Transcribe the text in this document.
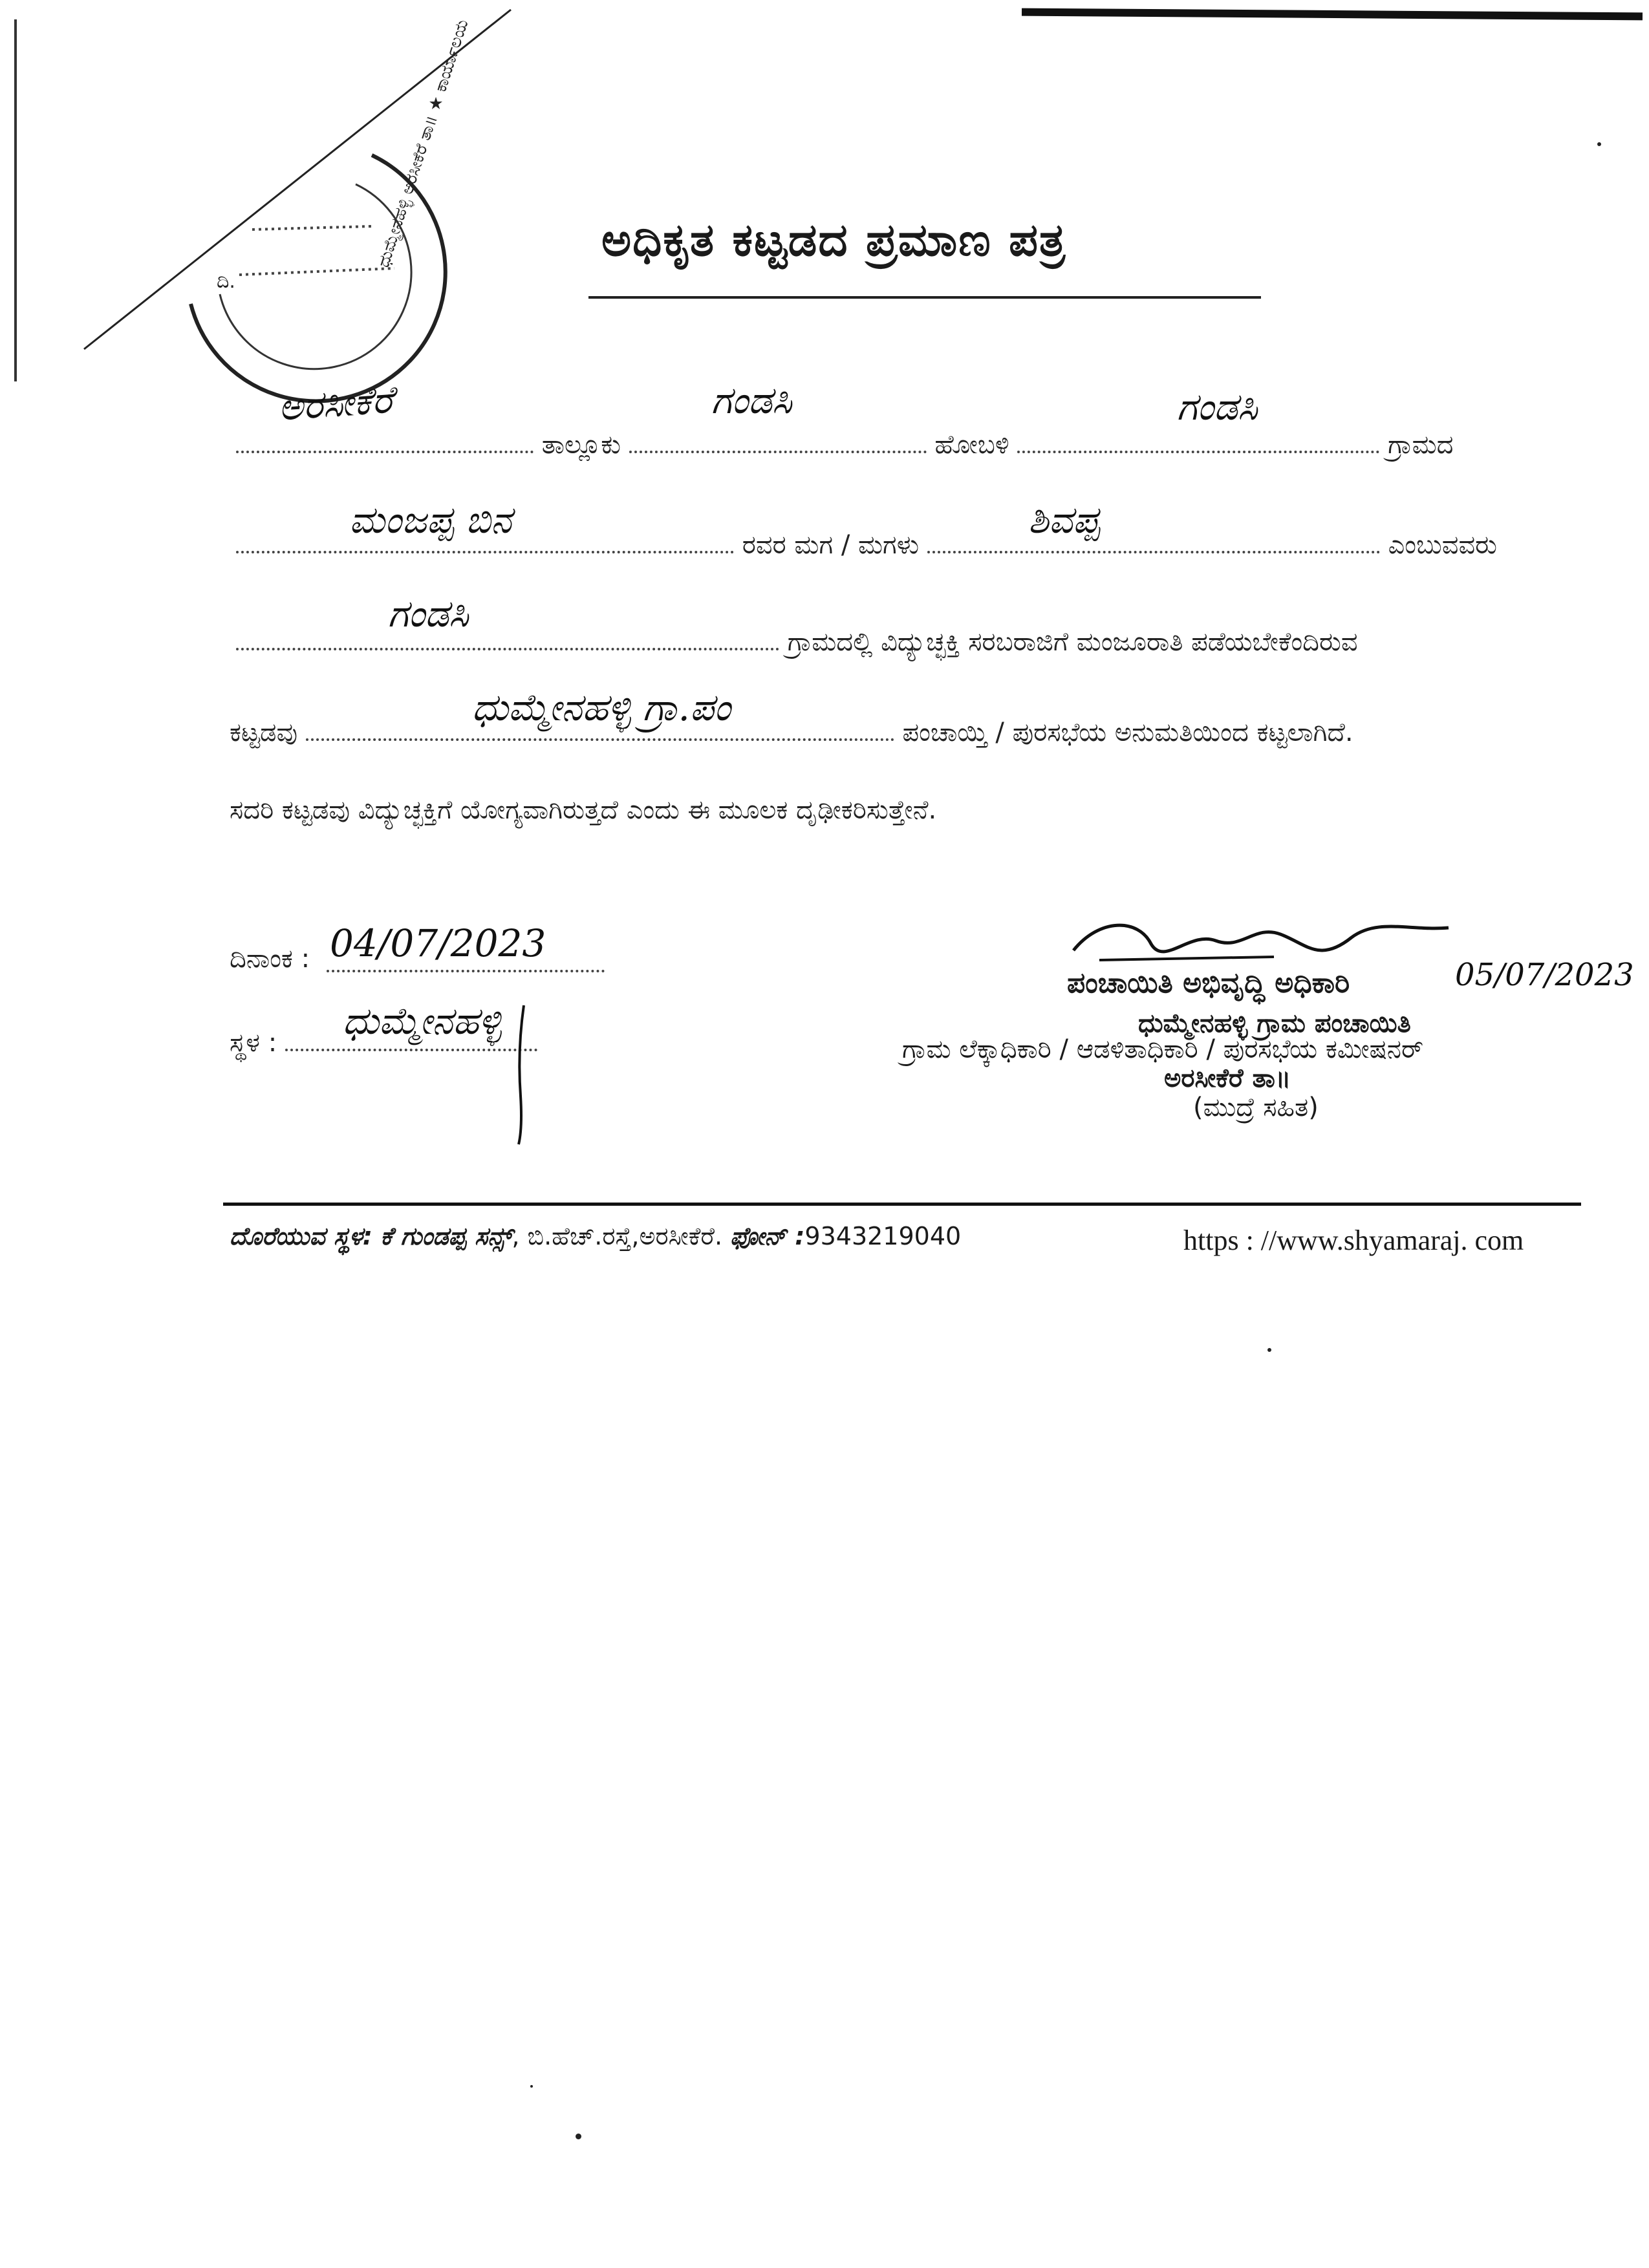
ದಿ.
ಧುಮ್ಮೇನಹಳ್ಳಿ ಅರಸೀಕೆರೆ ತಾ॥ ★ ಕಾರ್ಯಾಲಯ	ಅಧಿಕೃತ ಕಟ್ಟಡದ ಪ್ರಮಾಣ ಪತ್ರ
ಅರಸೀಕೆರೆ
ತಾಲ್ಲೂಕು	ಹೋಬಳಿ	ಗ್ರಾಮದ
ಗಂಡಸಿ	ಗಂಡಸಿ
ಮಂಜಪ್ಪ ಬಿನ	ಶಿವಪ್ಪ
ರವರ ಮಗ / ಮಗಳು	ಎಂಬುವವರು
ಗಂಡಸಿ
ಗ್ರಾಮದಲ್ಲಿ ವಿದ್ಯುಚ್ಛಕ್ತಿ ಸರಬರಾಜಿಗೆ ಮಂಜೂರಾತಿ ಪಡೆಯಬೇಕೆಂದಿರುವ
ಧುಮ್ಮೇನಹಳ್ಳಿ ಗ್ರಾ.ಪಂ
ಕಟ್ಟಡವು	ಪಂಚಾಯ್ತಿ / ಪುರಸಭೆಯ ಅನುಮತಿಯಿಂದ ಕಟ್ಟಲಾಗಿದೆ.
ಸದರಿ ಕಟ್ಟಡವು ವಿದ್ಯುಚ್ಛಕ್ತಿಗೆ ಯೋಗ್ಯವಾಗಿರುತ್ತದೆ ಎಂದು ಈ ಮೂಲಕ ದೃಢೀಕರಿಸುತ್ತೇನೆ.
ದಿನಾಂಕ : 04/07/2023
ಸ್ಥಳ :	ಧುಮ್ಮೇನಹಳ್ಳಿ
ಪಂಚಾಯಿತಿ ಅಭಿವೃದ್ಧಿ ಅಧಿಕಾರಿ	05/07/2023
ಧುಮ್ಮೇನಹಳ್ಳಿ ಗ್ರಾಮ ಪಂಚಾಯಿತಿ
ಗ್ರಾಮ ಲೆಕ್ಕಾಧಿಕಾರಿ / ಆಡಳಿತಾಧಿಕಾರಿ / ಪುರಸಭೆಯ ಕಮೀಷನರ್
ಅರಸೀಕೆರೆ ತಾ॥
(ಮುದ್ರೆ ಸಹಿತ)
ದೊರೆಯುವ ಸ್ಥಳ: ಕೆ ಗುಂಡಪ್ಪ ಸನ್ಸ್, ಬಿ.ಹೆಚ್.ರಸ್ತೆ,ಅರಸೀಕೆರೆ. ಫೋನ್ :9343219040	https : //www.shyamaraj. com
